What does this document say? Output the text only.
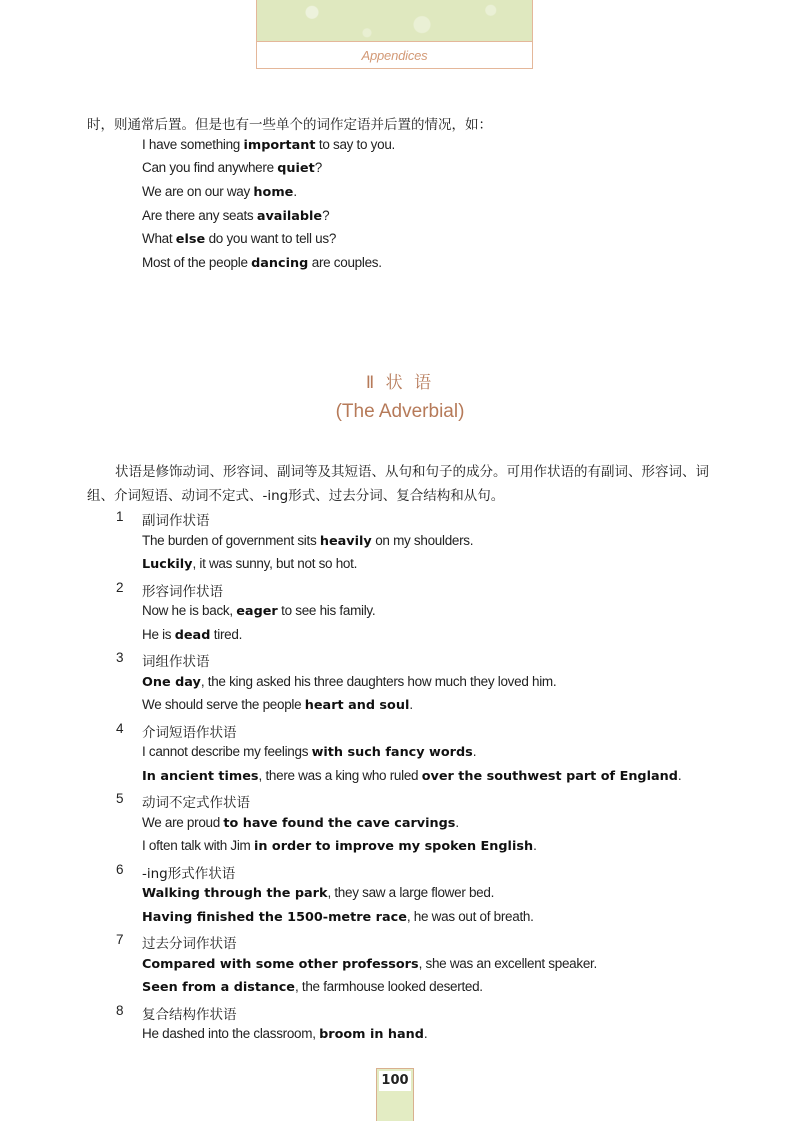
Appendices
时，则通常后置。但是也有一些单个的词作定语并后置的情况，如：
I have something important to say to you.
Can you find anywhere quiet?
We are on our way home.
Are there any seats available?
What else do you want to tell us?
Most of the people dancing are couples.
Ⅱ 状 语
(The Adverbial)
状语是修饰动词、形容词、副词等及其短语、从句和句子的成分。可用作状语的有副词、形容词、词组、介词短语、动词不定式、-ing形式、过去分词、复合结构和从句。
1 副词作状语
The burden of government sits heavily on my shoulders.
Luckily, it was sunny, but not so hot.
2 形容词作状语
Now he is back, eager to see his family.
He is dead tired.
3 词组作状语
One day, the king asked his three daughters how much they loved him.
We should serve the people heart and soul.
4 介词短语作状语
I cannot describe my feelings with such fancy words.
In ancient times, there was a king who ruled over the southwest part of England.
5 动词不定式作状语
We are proud to have found the cave carvings.
I often talk with Jim in order to improve my spoken English.
6 -ing形式作状语
Walking through the park, they saw a large flower bed.
Having finished the 1500-metre race, he was out of breath.
7 过去分词作状语
Compared with some other professors, she was an excellent speaker.
Seen from a distance, the farmhouse looked deserted.
8 复合结构作状语
He dashed into the classroom, broom in hand.
100
